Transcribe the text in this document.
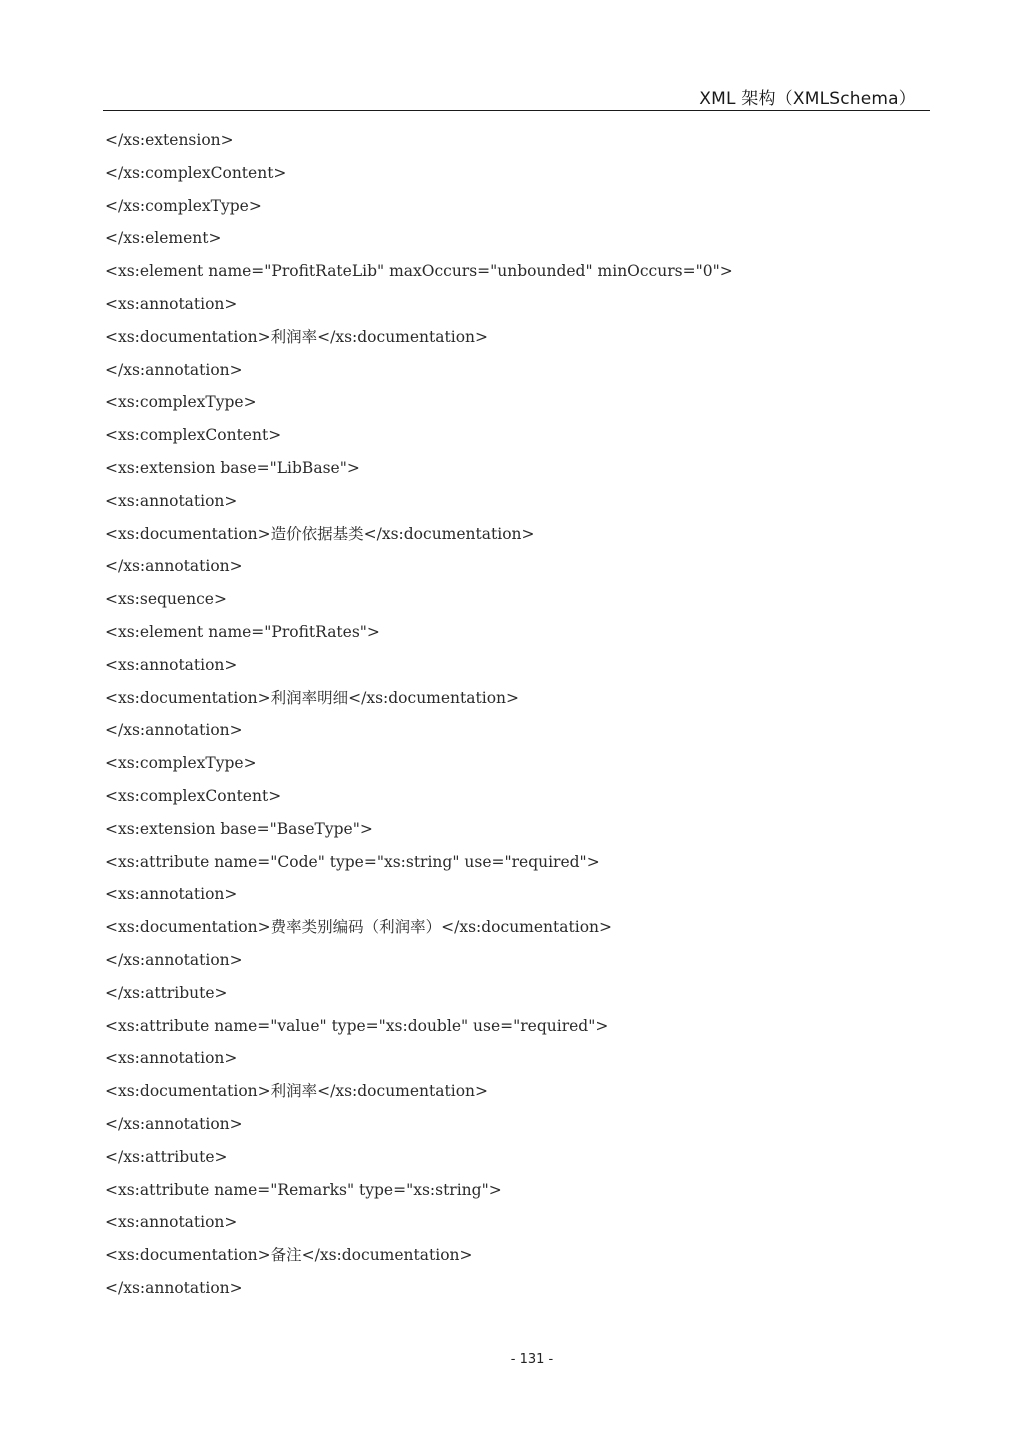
XML 架构（XMLSchema）
</xs:extension>
</xs:complexContent>
</xs:complexType>
</xs:element>
<xs:element name="ProfitRateLib" maxOccurs="unbounded" minOccurs="0">
<xs:annotation>
<xs:documentation>利润率</xs:documentation>
</xs:annotation>
<xs:complexType>
<xs:complexContent>
<xs:extension base="LibBase">
<xs:annotation>
<xs:documentation>造价依据基类</xs:documentation>
</xs:annotation>
<xs:sequence>
<xs:element name="ProfitRates">
<xs:annotation>
<xs:documentation>利润率明细</xs:documentation>
</xs:annotation>
<xs:complexType>
<xs:complexContent>
<xs:extension base="BaseType">
<xs:attribute name="Code" type="xs:string" use="required">
<xs:annotation>
<xs:documentation>费率类别编码（利润率）</xs:documentation>
</xs:annotation>
</xs:attribute>
<xs:attribute name="value" type="xs:double" use="required">
<xs:annotation>
<xs:documentation>利润率</xs:documentation>
</xs:annotation>
</xs:attribute>
<xs:attribute name="Remarks" type="xs:string">
<xs:annotation>
<xs:documentation>备注</xs:documentation>
</xs:annotation>
- 131 -
